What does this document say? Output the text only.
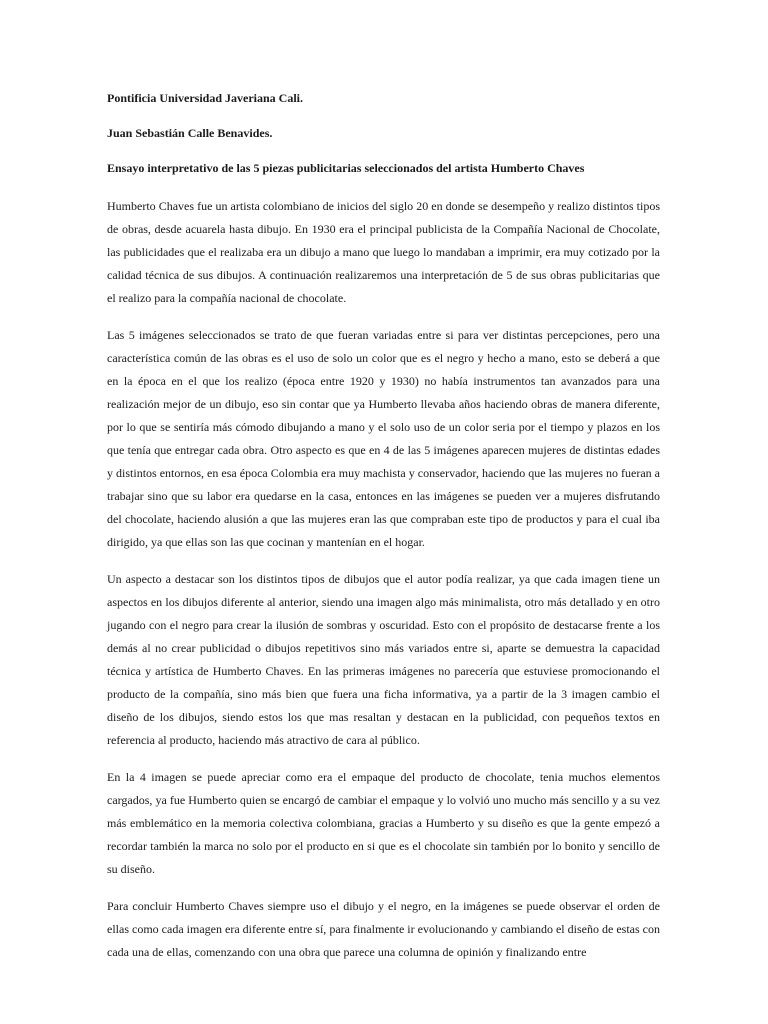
Pontificia Universidad Javeriana Cali.
Juan Sebastián Calle Benavides.
Ensayo interpretativo de las 5 piezas publicitarias seleccionados del artista Humberto Chaves

Humberto Chaves fue un artista colombiano de inicios del siglo 20 en donde se desempeño y realizo distintos tipos de obras, desde acuarela hasta dibujo. En 1930 era el principal publicista de la Compañía Nacional de Chocolate, las publicidades que el realizaba era un dibujo a mano que luego lo mandaban a imprimir, era muy cotizado por la calidad técnica de sus dibujos. A continuación realizaremos una interpretación de 5 de sus obras publicitarias que el realizo para la compañía nacional de chocolate.

Las 5 imágenes seleccionados se trato de que fueran variadas entre si para ver distintas percepciones, pero una característica común de las obras es el uso de solo un color que es el negro y hecho a mano, esto se deberá a que en la época en el que los realizo (época entre 1920 y 1930) no había instrumentos tan avanzados para una realización mejor de un dibujo, eso sin contar que ya Humberto llevaba años haciendo obras de manera diferente, por lo que se sentiría más cómodo dibujando a mano y el solo uso de un color seria por el tiempo y plazos en los que tenía que entregar cada obra. Otro aspecto es que en 4 de las 5 imágenes aparecen mujeres de distintas edades y distintos entornos, en esa época Colombia era muy machista y conservador, haciendo que las mujeres no fueran a trabajar sino que su labor era quedarse en la casa, entonces en las imágenes se pueden ver a mujeres disfrutando del chocolate, haciendo alusión a que las mujeres eran las que compraban este tipo de productos y para el cual iba dirigido, ya que ellas son las que cocinan y mantenían en el hogar.

Un aspecto a destacar son los distintos tipos de dibujos que el autor podía realizar, ya que cada imagen tiene un aspectos en los dibujos diferente al anterior, siendo una imagen algo más minimalista, otro más detallado y en otro jugando con el negro para crear la ilusión de sombras y oscuridad. Esto con el propósito de destacarse frente a los demás al no crear publicidad o dibujos repetitivos sino más variados entre si, aparte se demuestra la capacidad técnica y artística de Humberto Chaves. En las primeras imágenes no parecería que estuviese promocionando el producto de la compañía, sino más bien que fuera una ficha informativa, ya a partir de la 3 imagen cambio el diseño de los dibujos, siendo estos los que mas resaltan y destacan en la publicidad, con pequeños textos en referencia al producto, haciendo más atractivo de cara al público.

En la 4 imagen se puede apreciar como era el empaque del producto de chocolate, tenia muchos elementos cargados, ya fue Humberto quien se encargó de cambiar el empaque y lo volvió uno mucho más sencillo y a su vez más emblemático en la memoria colectiva colombiana, gracias a Humberto y su diseño es que la gente empezó a recordar también la marca no solo por el producto en si que es el chocolate sin también por lo bonito y sencillo de su diseño.

Para concluir Humberto Chaves siempre uso el dibujo y el negro, en la imágenes se puede observar el orden de ellas como cada imagen era diferente entre sí, para finalmente ir evolucionando y cambiando el diseño de estas con cada una de ellas, comenzando con una obra que parece una columna de opinión y finalizando entre
